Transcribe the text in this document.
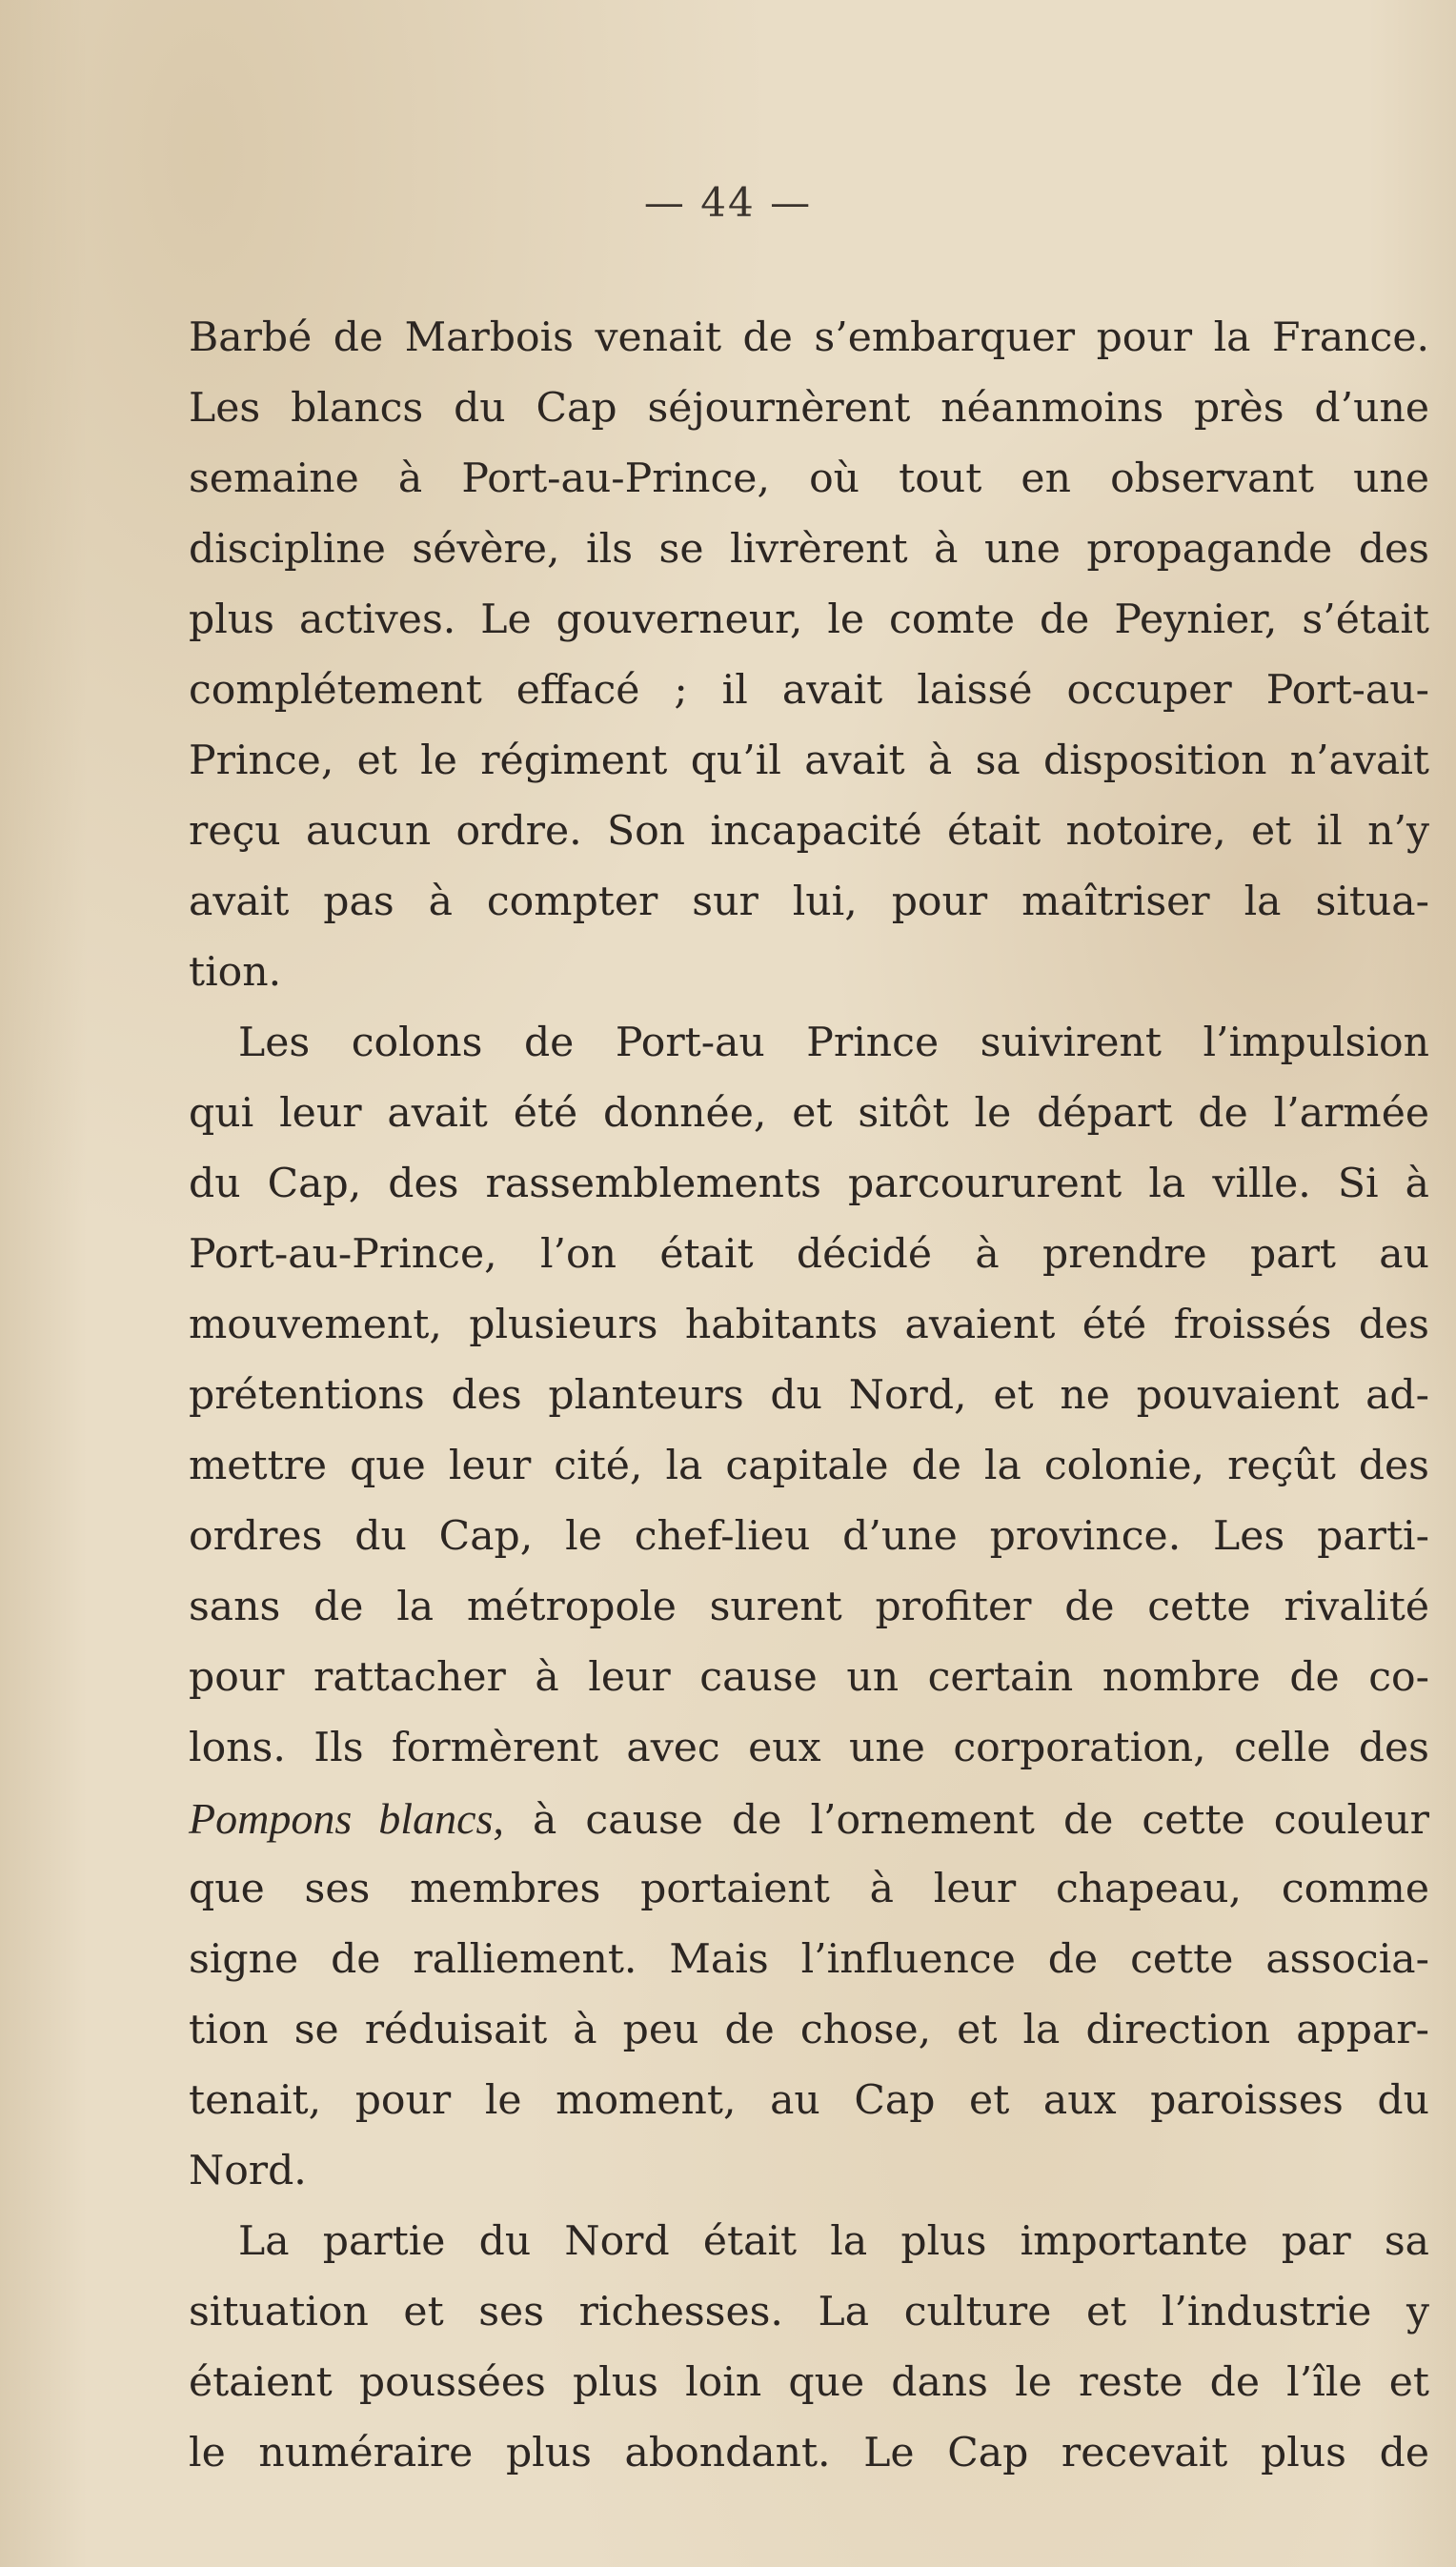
— 44 —
Barbé de Marbois venait de s’embarquer pour la France.
Les blancs du Cap séjournèrent néanmoins près d’une
semaine à Port-au-Prince, où tout en observant une
discipline sévère, ils se livrèrent à une propagande des
plus actives. Le gouverneur, le comte de Peynier, s’était
complétement effacé ; il avait laissé occuper Port-au-
Prince, et le régiment qu’il avait à sa disposition n’avait
reçu aucun ordre. Son incapacité était notoire, et il n’y
avait pas à compter sur lui, pour maîtriser la situa-
tion.
Les colons de Port-au Prince suivirent l’impulsion
qui leur avait été donnée, et sitôt le départ de l’armée
du Cap, des rassemblements parcoururent la ville. Si à
Port-au-Prince, l’on était décidé à prendre part au
mouvement, plusieurs habitants avaient été froissés des
prétentions des planteurs du Nord, et ne pouvaient ad-
mettre que leur cité, la capitale de la colonie, reçût des
ordres du Cap, le chef-lieu d’une province. Les parti-
sans de la métropole surent profiter de cette rivalité
pour rattacher à leur cause un certain nombre de co-
lons. Ils formèrent avec eux une corporation, celle des
Pompons blancs, à cause de l’ornement de cette couleur
que ses membres portaient à leur chapeau, comme
signe de ralliement. Mais l’influence de cette associa-
tion se réduisait à peu de chose, et la direction appar-
tenait, pour le moment, au Cap et aux paroisses du
Nord.
La partie du Nord était la plus importante par sa
situation et ses richesses. La culture et l’industrie y
étaient poussées plus loin que dans le reste de l’île et
le numéraire plus abondant. Le Cap recevait plus de
